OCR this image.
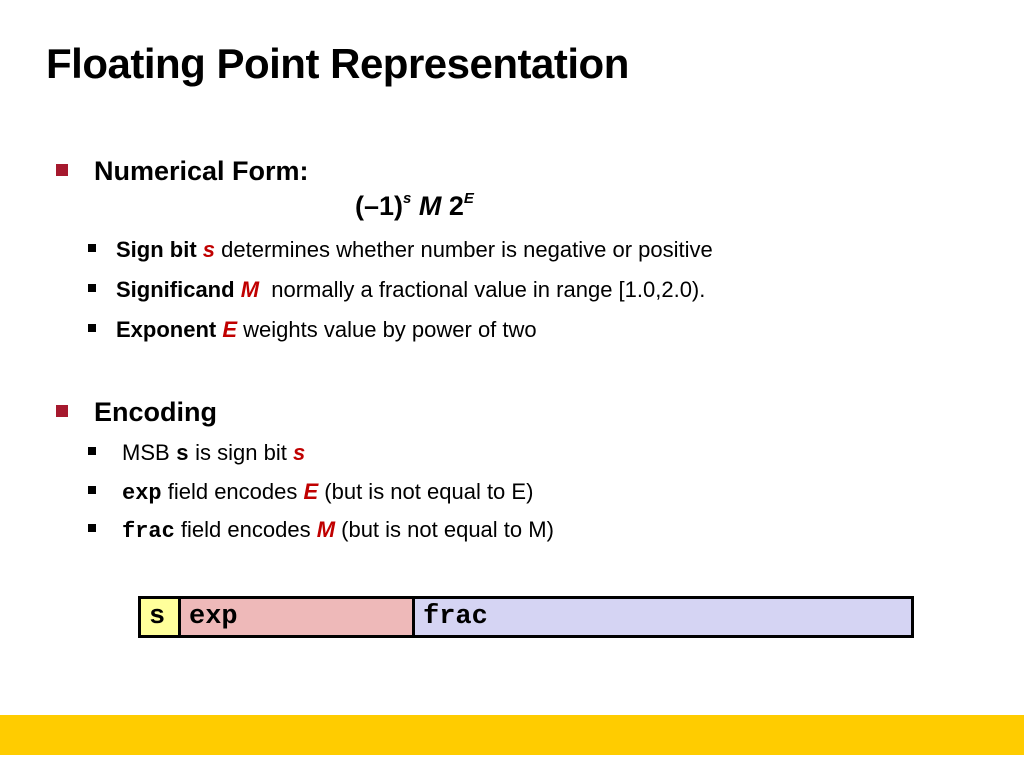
Floating Point Representation
Numerical Form:
$(-1)^s$ M $2^E$
Sign bit s determines whether number is negative or positive
Significand M  normally a fractional value in range [1.0,2.0).
Exponent E weights value by power of two
Encoding
MSB s is sign bit s
exp field encodes E (but is not equal to E)
frac field encodes M (but is not equal to M)
s exp	frac
